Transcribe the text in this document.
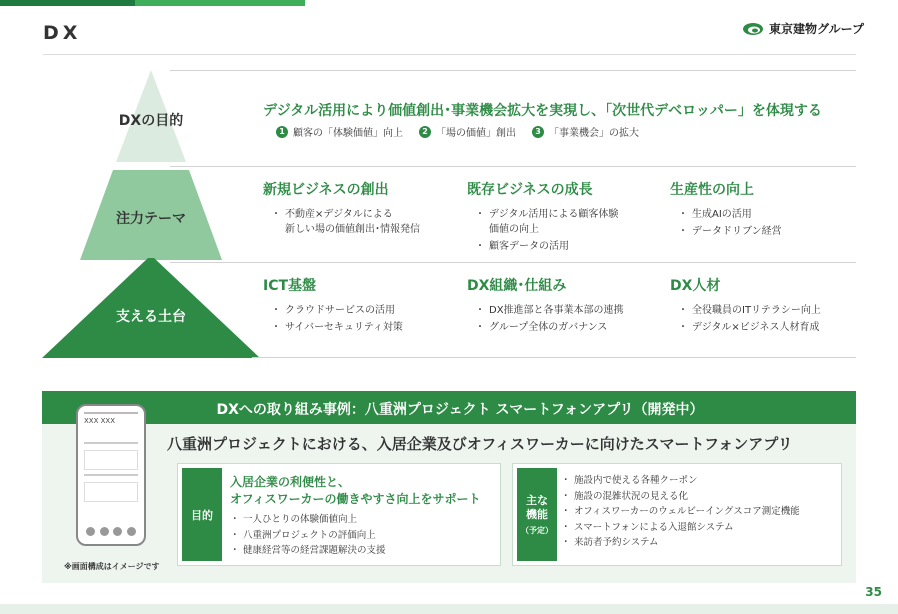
DX	東京建物グループ
DXの目的
注力テーマ
支える土台
デジタル活用により価値創出･事業機会拡大を実現し、「次世代デベロッパー」を体現する
1 顧客の「体験価値」向上	2 「場の価値」創出	3 「事業機会」の拡大
新規ビジネスの創出
・ 不動産×デジタルによる
新しい場の価値創出･情報発信
既存ビジネスの成長
・ デジタル活用による顧客体験
価値の向上
・ 顧客データの活用
生産性の向上
・ 生成AIの活用
・ データドリブン経営
ICT基盤
・ クラウドサービスの活用
・ サイバーセキュリティ対策
DX組織･仕組み
・ DX推進部と各事業本部の連携
・ グループ全体のガバナンス
DX人材
・ 全役職員のITリテラシー向上
・ デジタル×ビジネス人材育成
DXへの取り組み事例：八重洲プロジェクト スマートフォンアプリ（開発中）
八重洲プロジェクトにおける、入居企業及びオフィスワーカーに向けたスマートフォンアプリ
XXX XXX
※画面構成はイメージです
目的
入居企業の利便性と、
オフィスワーカーの働きやすさ向上をサポート
・ 一人ひとりの体験価値向上
・ 八重洲プロジェクトの評価向上
・ 健康経営等の経営課題解決の支援
主な
機能
（予定）
・ 施設内で使える各種クーポン
・ 施設の混雑状況の見える化
・ オフィスワーカーのウェルビーイングスコア測定機能
・ スマートフォンによる入退館システム
・ 来訪者予約システム
35
